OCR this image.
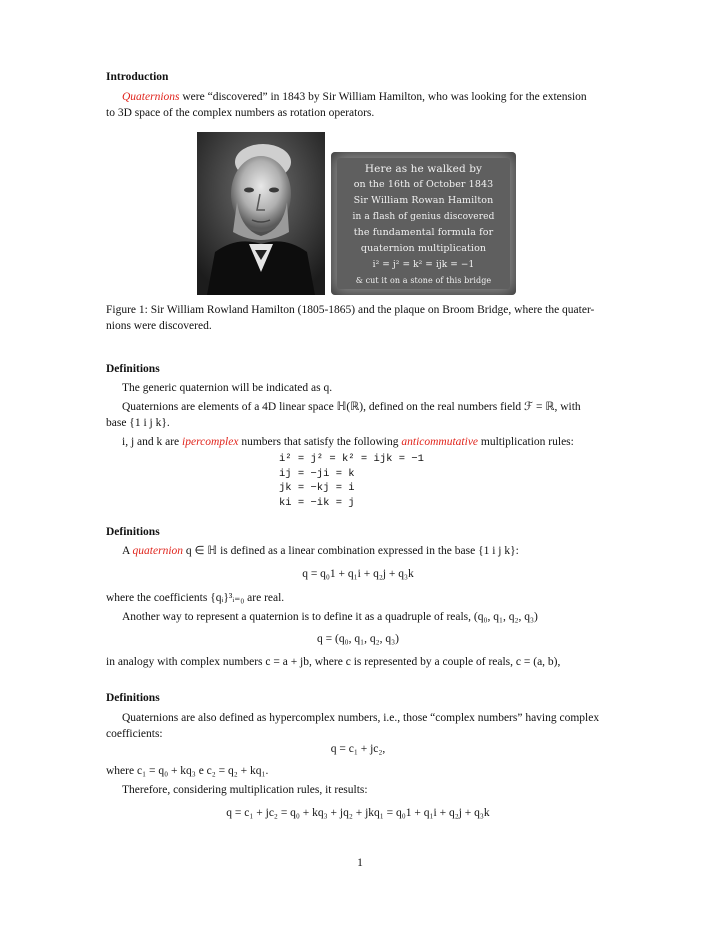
Introduction
Quaternions were “discovered” in 1843 by Sir William Hamilton, who was looking for the extension
to 3D space of the complex numbers as rotation operators.
Here as he walked by
on the 16th of October 1843
Sir William Rowan Hamilton
in a flash of genius discovered
the fundamental formula for
quaternion multiplication
i² = j² = k² = ijk = −1
& cut it on a stone of this bridge
Figure 1: Sir William Rowland Hamilton (1805-1865) and the plaque on Broom Bridge, where the quater-
nions were discovered.
Definitions
The generic quaternion will be indicated as q.
Quaternions are elements of a 4D linear space ℍ(ℝ), defined on the real numbers field ℱ = ℝ, with
base {1 i j k}.
i, j and k are ipercomplex numbers that satisfy the following anticommutative multiplication rules:
i² = j² = k² = ijk = −1
ij = −ji = k
jk = −kj = i
ki = −ik = j
Definitions
A quaternion q ∈ ℍ is defined as a linear combination expressed in the base {1 i j k}:
q = q₀1 + q₁i + q₂j + q₃k
where the coefficients {qᵢ}³ᵢ₌₀ are real.
Another way to represent a quaternion is to define it as a quadruple of reals, (q₀, q₁, q₂, q₃)
q = (q₀, q₁, q₂, q₃)
in analogy with complex numbers c = a + jb, where c is represented by a couple of reals, c = (a, b),
Definitions
Quaternions are also defined as hypercomplex numbers, i.e., those “complex numbers” having complex
coefficients:
q = c₁ + jc₂,
where c₁ = q₀ + kq₃ e c₂ = q₂ + kq₁.
Therefore, considering multiplication rules, it results:
q = c₁ + jc₂ = q₀ + kq₃ + jq₂ + jkq₁ = q₀1 + q₁i + q₂j + q₃k
1
